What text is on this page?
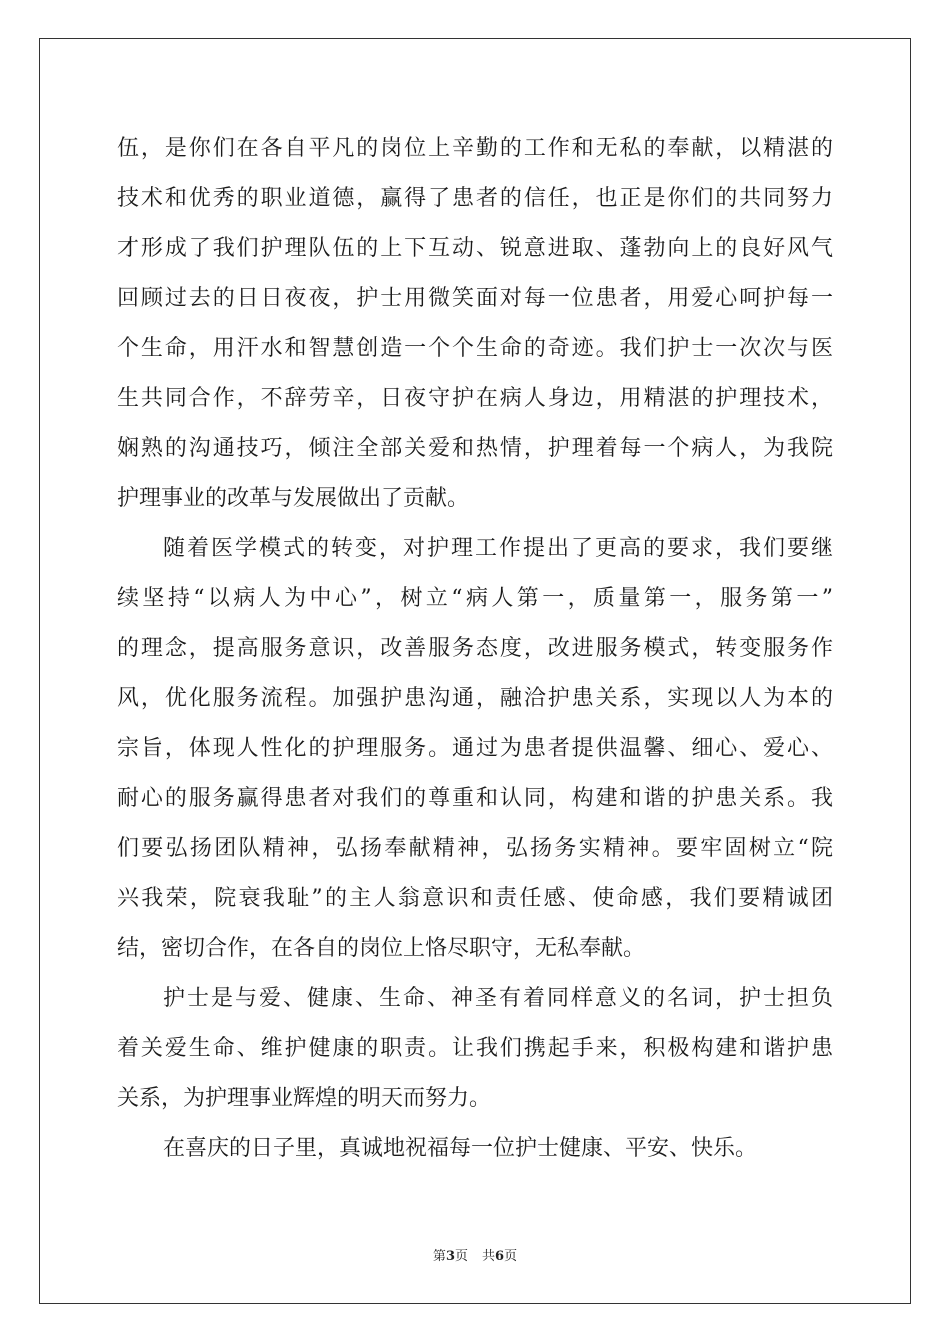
伍，是你们在各自平凡的岗位上辛勤的工作和无私的奉献，以精湛的
技术和优秀的职业道德，赢得了患者的信任，也正是你们的共同努力
才形成了我们护理队伍的上下互动、锐意进取、蓬勃向上的良好风气
回顾过去的日日夜夜，护士用微笑面对每一位患者，用爱心呵护每一
个生命，用汗水和智慧创造一个个生命的奇迹。我们护士一次次与医
生共同合作，不辞劳辛，日夜守护在病人身边，用精湛的护理技术，
娴熟的沟通技巧，倾注全部关爱和热情，护理着每一个病人，为我院
护理事业的改革与发展做出了贡献。
随着医学模式的转变，对护理工作提出了更高的要求，我们要继
续坚持“以病人为中心”，树立“病人第一，质量第一，服务第一”
的理念，提高服务意识，改善服务态度，改进服务模式，转变服务作
风，优化服务流程。加强护患沟通，融洽护患关系，实现以人为本的
宗旨，体现人性化的护理服务。通过为患者提供温馨、细心、爱心、
耐心的服务赢得患者对我们的尊重和认同，构建和谐的护患关系。我
们要弘扬团队精神，弘扬奉献精神，弘扬务实精神。要牢固树立“院
兴我荣，院衰我耻”的主人翁意识和责任感、使命感，我们要精诚团
结，密切合作，在各自的岗位上恪尽职守，无私奉献。
护士是与爱、健康、生命、神圣有着同样意义的名词，护士担负
着关爱生命、维护健康的职责。让我们携起手来，积极构建和谐护患
关系，为护理事业辉煌的明天而努力。
在喜庆的日子里，真诚地祝福每一位护士健康、平安、快乐。
第3页 共6页
